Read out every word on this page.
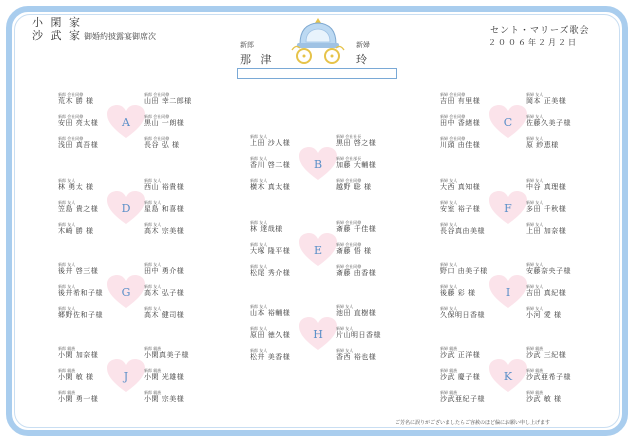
小 閑 家
沙 武 家 御婚約披露宴御席次
セント・マリーズ歌会
２００６年２月２日
新郎
那 津
新婦
玲
A
新郎 会社同僚
荒木 勝 様
新郎 会社同僚
山田 幸二郎様
新郎 会社同僚
安田 亮太様
新郎 会社同僚
黒山 一朗様
新郎 会社同僚
浅田 真吾様
新郎 会社同僚
長谷 弘 様
D
新郎 友人
林 勇太 様
新郎 友人
西山 裕貴様
新郎 友人
笠島 貴之様
新郎 友人
星島 和喜様
新郎 友人
木崎 勝 様
新郎 友人
高木 宗美様
G
新郎 友人
後井 啓三様
新郎 友人
田中 勇介様
新郎 友人
後井希和子様
新郎 友人
高木 弘子様
新郎 友人
郷野佐和子様
新郎 友人
高木 健司様
J
新郎 親族
小閑 加奈様
新郎 親族
小閑真美子様
新郎 親族
小閑 敏 様
新郎 親族
小閑 光雄様
新郎 親族
小閑 勇一様
新郎 親族
小閑 宗美様
B
新郎 友人
上田 沙人様
新婦 会社社長
黒田 啓之様
新郎 友人
香川 啓二様
新婦 会社部長
加藤 大輔様
新郎 友人
横木 真太様
新婦 会社同僚
越野 聡 様
E
新郎 友人
林 達哉様
新婦 会社同僚
斎藤 千佳様
新郎 友人
大塚 隆平様
新婦 会社同僚
斎藤 悟 様
新郎 友人
松尾 秀介様
新婦 会社同僚
斎藤 由香様
H
新郎 友人
山本 裕輔様
新婦 友人
池田 直樹様
新郎 友人
原田 徳久様
新婦 友人
片山明日香様
新郎 友人
松井 美香様
新婦 友人
香西 裕也様
C
新婦 会社同僚
吉田 有里様
新婦 友人
岡本 正美様
新婦 会社同僚
田中 香緒様
新婦 友人
佐藤久美子様
新婦 会社同僚
川頭 由佳様
新婦 友人
原 紗恵様
F
新婦 友人
大西 真知様
新婦 友人
中谷 真理様
新婦 友人
安室 裕子様
新婦 友人
多田 千秋様
新婦 友人
長谷真由美様
新婦 友人
上田 加奈様
I
新婦 友人
野口 由美子様
新婦 友人
安藤奈央子様
新婦 友人
後藤 彩 様
新婦 友人
吉田 真紀様
新婦 友人
久保明日香様
新婦 友人
小河 愛 様
K
新婦 親族
沙武 正洋様
新婦 親族
沙武 三紀様
新婦 親族
沙武 慶子様
新婦 親族
沙武亜希子様
新婦 親族
沙武亜紀子様
新婦 親族
沙武 敏 様
ご芳名に誤りがございましたらご容赦のほど偏にお願い申し上げます
